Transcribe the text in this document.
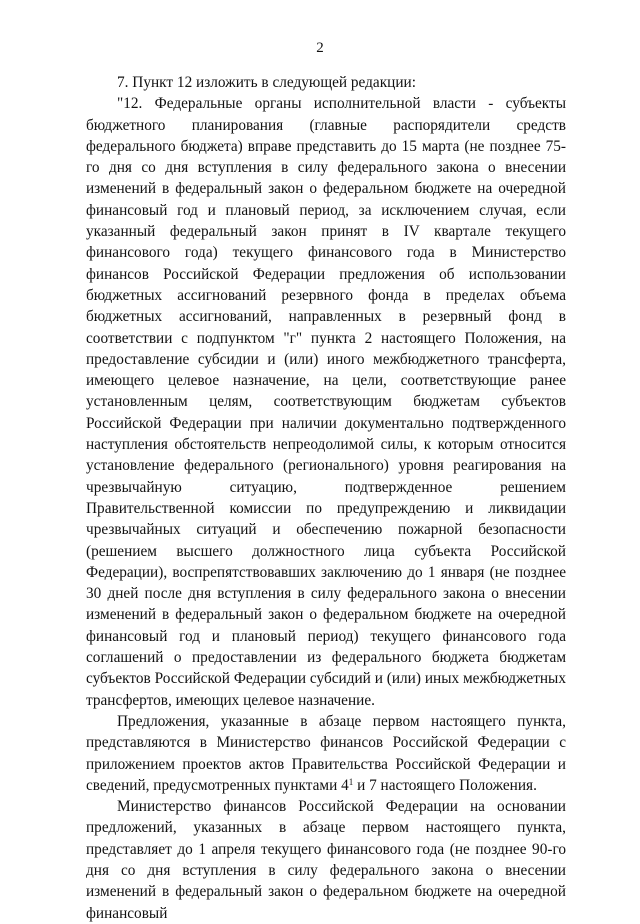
2

7. Пункт 12 изложить в следующей редакции:

"12. Федеральные органы исполнительной власти - субъекты бюджетного планирования (главные распорядители средств федерального бюджета) вправе представить до 15 марта (не позднее 75-го дня со дня вступления в силу федерального закона о внесении изменений в федеральный закон о федеральном бюджете на очередной финансовый год и плановый период, за исключением случая, если указанный федеральный закон принят в IV квартале текущего финансового года) текущего финансового года в Министерство финансов Российской Федерации предложения об использовании бюджетных ассигнований резервного фонда в пределах объема бюджетных ассигнований, направленных в резервный фонд в соответствии с подпунктом "г" пункта 2 настоящего Положения, на предоставление субсидии и (или) иного межбюджетного трансферта, имеющего целевое назначение, на цели, соответствующие ранее установленным целям, соответствующим бюджетам субъектов Российской Федерации при наличии документально подтвержденного наступления обстоятельств непреодолимой силы, к которым относится установление федерального (регионального) уровня реагирования на чрезвычайную ситуацию, подтвержденное решением Правительственной комиссии по предупреждению и ликвидации чрезвычайных ситуаций и обеспечению пожарной безопасности (решением высшего должностного лица субъекта Российской Федерации), воспрепятствовавших заключению до 1 января (не позднее 30 дней после дня вступления в силу федерального закона о внесении изменений в федеральный закон о федеральном бюджете на очередной финансовый год и плановый период) текущего финансового года соглашений о предоставлении из федерального бюджета бюджетам субъектов Российской Федерации субсидий и (или) иных межбюджетных трансфертов, имеющих целевое назначение.

Предложения, указанные в абзаце первом настоящего пункта, представляются в Министерство финансов Российской Федерации с приложением проектов актов Правительства Российской Федерации и сведений, предусмотренных пунктами $4^1$ и 7 настоящего Положения.

Министерство финансов Российской Федерации на основании предложений, указанных в абзаце первом настоящего пункта, представляет до 1 апреля текущего финансового года (не позднее 90-го дня со дня вступления в силу федерального закона о внесении изменений в федеральный закон о федеральном бюджете на очередной финансовый
